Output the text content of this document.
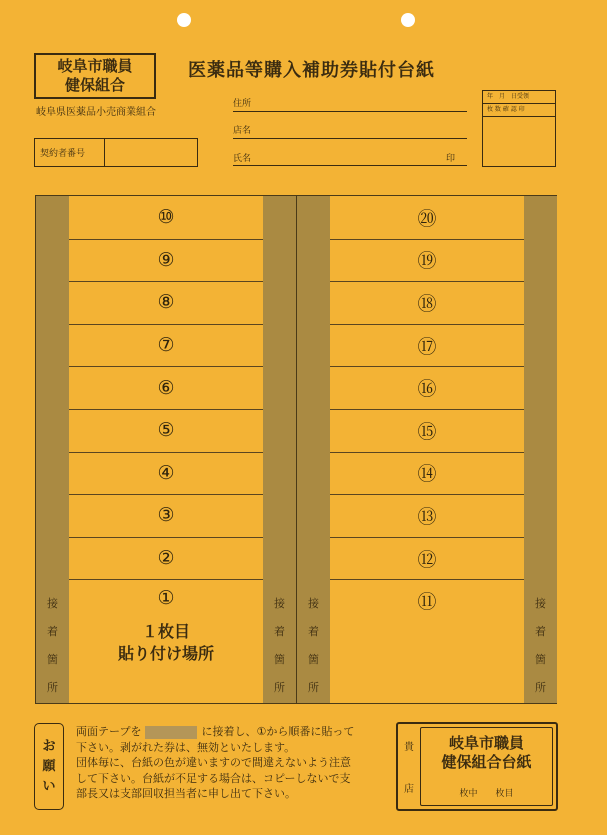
岐阜市職員
健保組合
医薬品等購入補助券貼付台紙
岐阜県医薬品小売商業組合
住所
店名
氏名	印
契約者番号
年　月　日受領
枚 数 確 認 印
⑩
⑨
⑧
⑦
⑥
⑤
④
③
②
①
接
着
箇
所
接
着
箇
所
１枚目
貼り付け場所
⑳
⑲
⑱
⑰
⑯
⑮
⑭
⑬
⑫
⑪
接
着
箇
所
接
着
箇
所
お
願
い
両面テープを	に接着し、①から順番に貼って
下さい。剥がれた券は、無効といたします。
団体毎に、台紙の色が違いますので間違えないよう注意
して下さい。台紙が不足する場合は、コピーしないで支
部長又は支部回収担当者に申し出て下さい。
貴
店
岐阜市職員
健保組合台紙
枚中　　枚目
